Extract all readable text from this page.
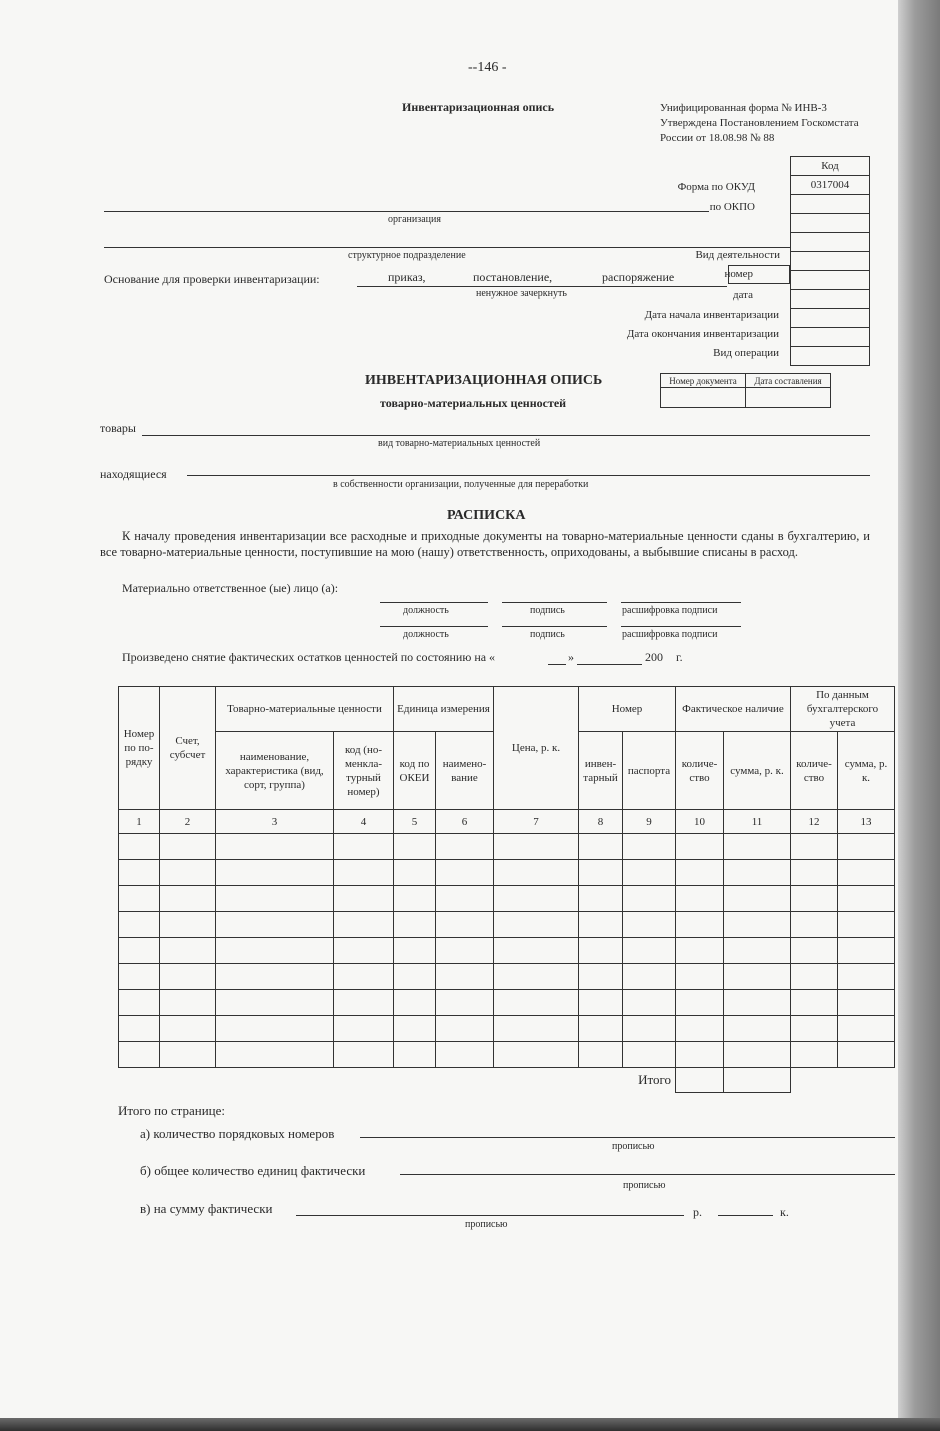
--146 -
Инвентаризационная опись	Унифицированная форма № ИНВ-3
Утверждена Постановлением Госкомстата
России от 18.08.98 № 88
Код
0317004

Форма по ОКУД
по ОКПО
организация
структурное подразделение	Вид деятельности
Основание для проверки инвентаризации:	приказ,	постановление,	распоряжение
ненужное зачеркнуть
номер
дата
Дата начала инвентаризации
Дата окончания инвентаризации
Вид операции
ИНВЕНТАРИЗАЦИОННАЯ ОПИСЬ
товарно-материальных ценностей
Номер документа	Дата составления

товары
вид товарно-материальных ценностей
находящиеся
в собственности организации, полученные для переработки
РАСПИСКА
К началу проведения инвентаризации все расходные и приходные документы на товарно-материальные ценности сданы в бухгалтерию, и все товарно-материальные ценности, поступившие на мою (нашу) ответственность, оприходованы, а выбывшие списаны в расход.
Материально ответственное (ые) лицо (а):
должность	подпись	расшифровка подписи
должность	подпись	расшифровка подписи
Произведено снятие фактических остатков ценностей по состоянию на «	»	200 г.
Номер по по-рядку	Счет, субсчет	Товарно-материальные ценности		Единица измерения		Цена, р. к.	Номер		Фактическое наличие		По данным бухгалтерского учета	
		наименование, характеристика (вид, сорт, группа)	код (но-менкла-турный номер)	код по ОКЕИ	наимено-вание		инвен-тарный	паспорта	количе-ство	сумма, р. к.	количе-ство	сумма, р. к.
1	2	3	4	5	6	7	8	9	10	11	12	13

Итого												
Итого по странице:
а) количество порядковых номеров
прописью
б) общее количество единиц фактически
прописью
в) на сумму фактически	р.	к.
прописью
